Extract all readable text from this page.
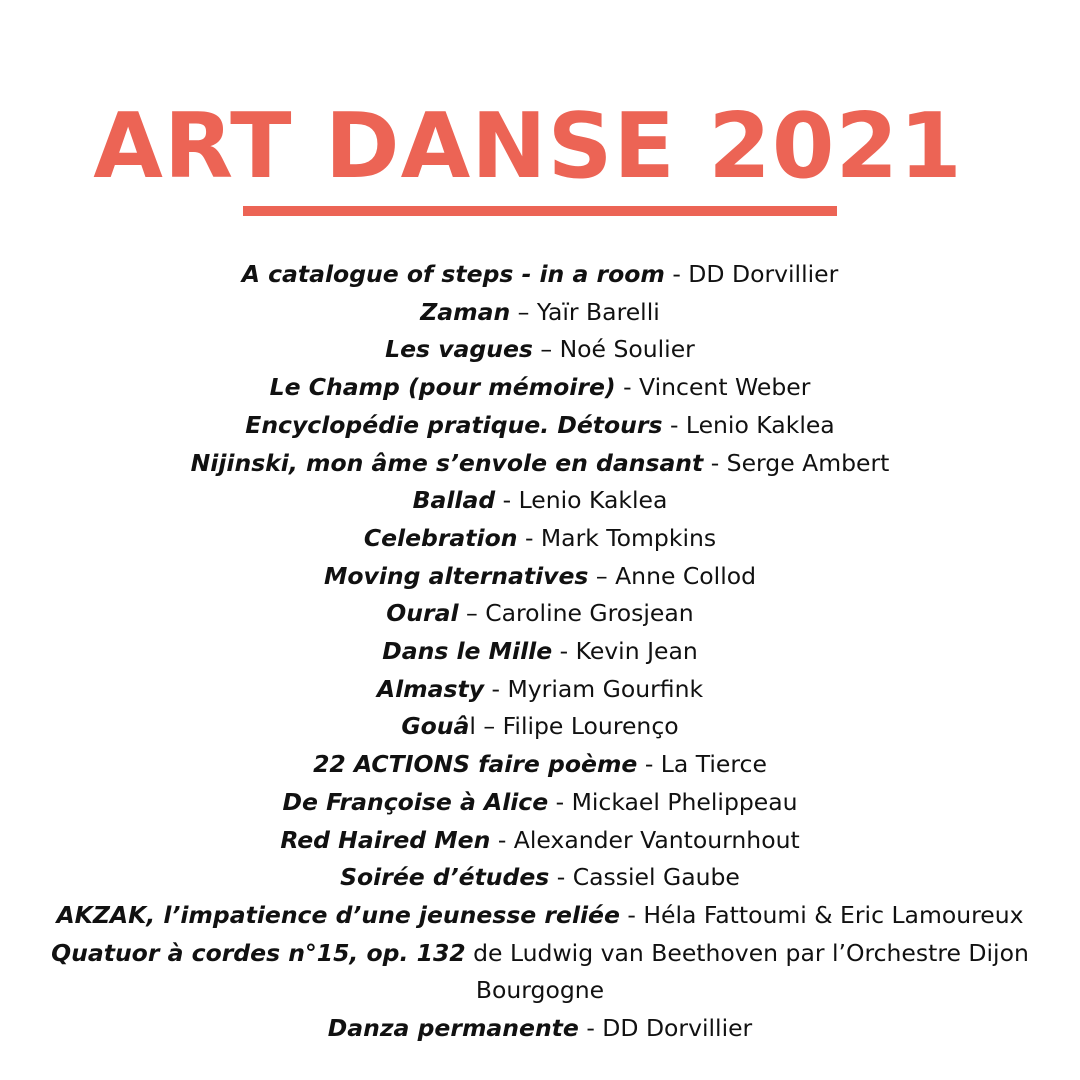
ART DANSE 2021
A catalogue of steps - in a room - DD Dorvillier
Zaman – Yaïr Barelli
Les vagues – Noé Soulier
Le Champ (pour mémoire) - Vincent Weber
Encyclopédie pratique. Détours - Lenio Kaklea
Nijinski, mon âme s’envole en dansant - Serge Ambert
Ballad - Lenio Kaklea
Celebration - Mark Tompkins
Moving alternatives – Anne Collod
Oural – Caroline Grosjean
Dans le Mille - Kevin Jean
Almasty - Myriam Gourfink
Gouâl – Filipe Lourenço
22 ACTIONS faire poème - La Tierce
De Françoise à Alice - Mickael Phelippeau
Red Haired Men - Alexander Vantournhout
Soirée d’études - Cassiel Gaube
AKZAK, l’impatience d’une jeunesse reliée - Héla Fattoumi & Eric Lamoureux
Quatuor à cordes n°15, op. 132 de Ludwig van Beethoven par l’Orchestre Dijon Bourgogne
Danza permanente - DD Dorvillier
